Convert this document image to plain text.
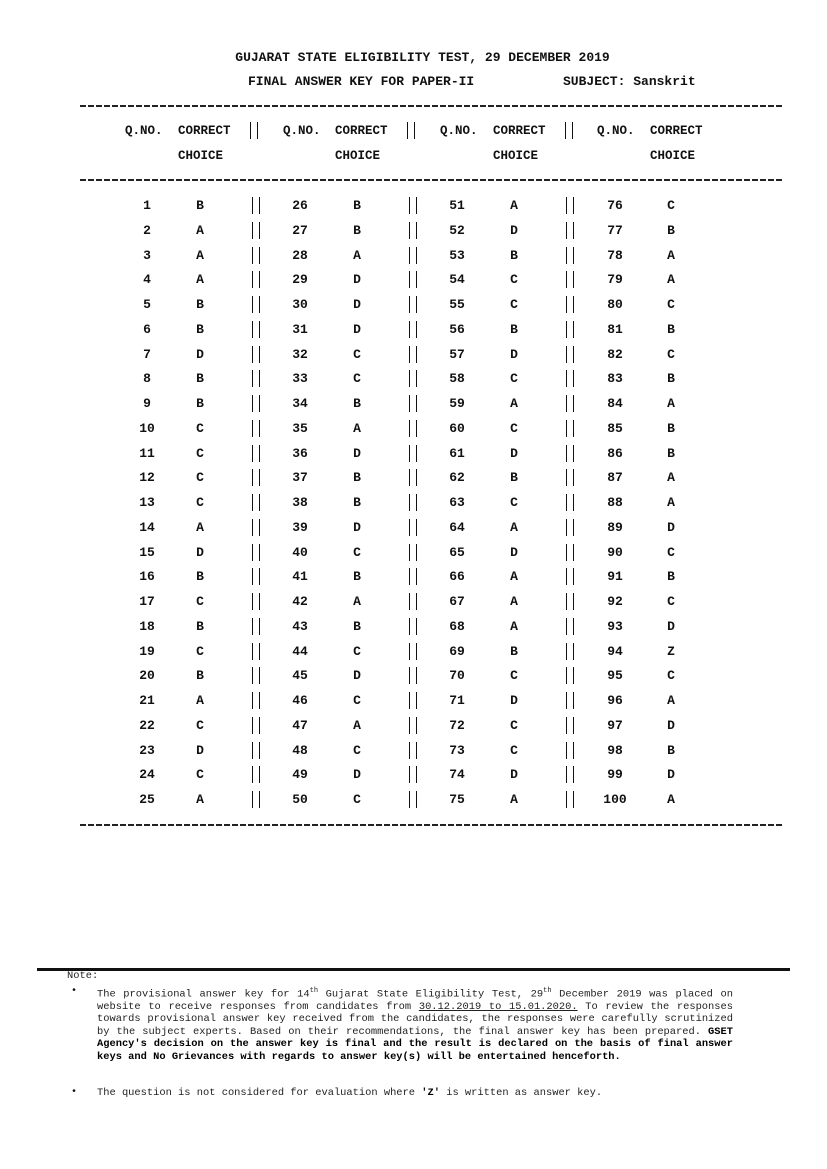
GUJARAT STATE ELIGIBILITY TEST, 29 DECEMBER 2019
FINAL ANSWER KEY FOR PAPER-II	SUBJECT: Sanskrit
Q.NO. CORRECT
CHOICE
Q.NO. CORRECT
CHOICE
Q.NO. CORRECT
CHOICE
Q.NO. CORRECT
CHOICE
1	B	26	B	51	A	76	C
2	A	27	B	52	D	77	B
3	A	28	A	53	B	78	A
4	A	29	D	54	C	79	A
5	B	30	D	55	C	80	C
6	B	31	D	56	B	81	B
7	D	32	C	57	D	82	C
8	B	33	C	58	C	83	B
9	B	34	B	59	A	84	A
10	C	35	A	60	C	85	B
11	C	36	D	61	D	86	B
12	C	37	B	62	B	87	A
13	C	38	B	63	C	88	A
14	A	39	D	64	A	89	D
15	D	40	C	65	D	90	C
16	B	41	B	66	A	91	B
17	C	42	A	67	A	92	C
18	B	43	B	68	A	93	D
19	C	44	C	69	B	94	Z
20	B	45	D	70	C	95	C
21	A	46	C	71	D	96	A
22	C	47	A	72	C	97	D
23	D	48	C	73	C	98	B
24	C	49	D	74	D	99	D
25	A	50	C	75	A	100	A
Note:
• The provisional answer key for 14th Gujarat State Eligibility Test, 29th December 2019 was placed on website to receive responses from candidates from 30.12.2019 to 15.01.2020. To review the responses towards provisional answer key received from the candidates, the responses were carefully scrutinized by the subject experts. Based on their recommendations, the final answer key has been prepared. GSET Agency's decision on the answer key is final and the result is declared on the basis of final answer keys and No Grievances with regards to answer key(s) will be entertained henceforth.
• The question is not considered for evaluation where 'Z' is written as answer key.
